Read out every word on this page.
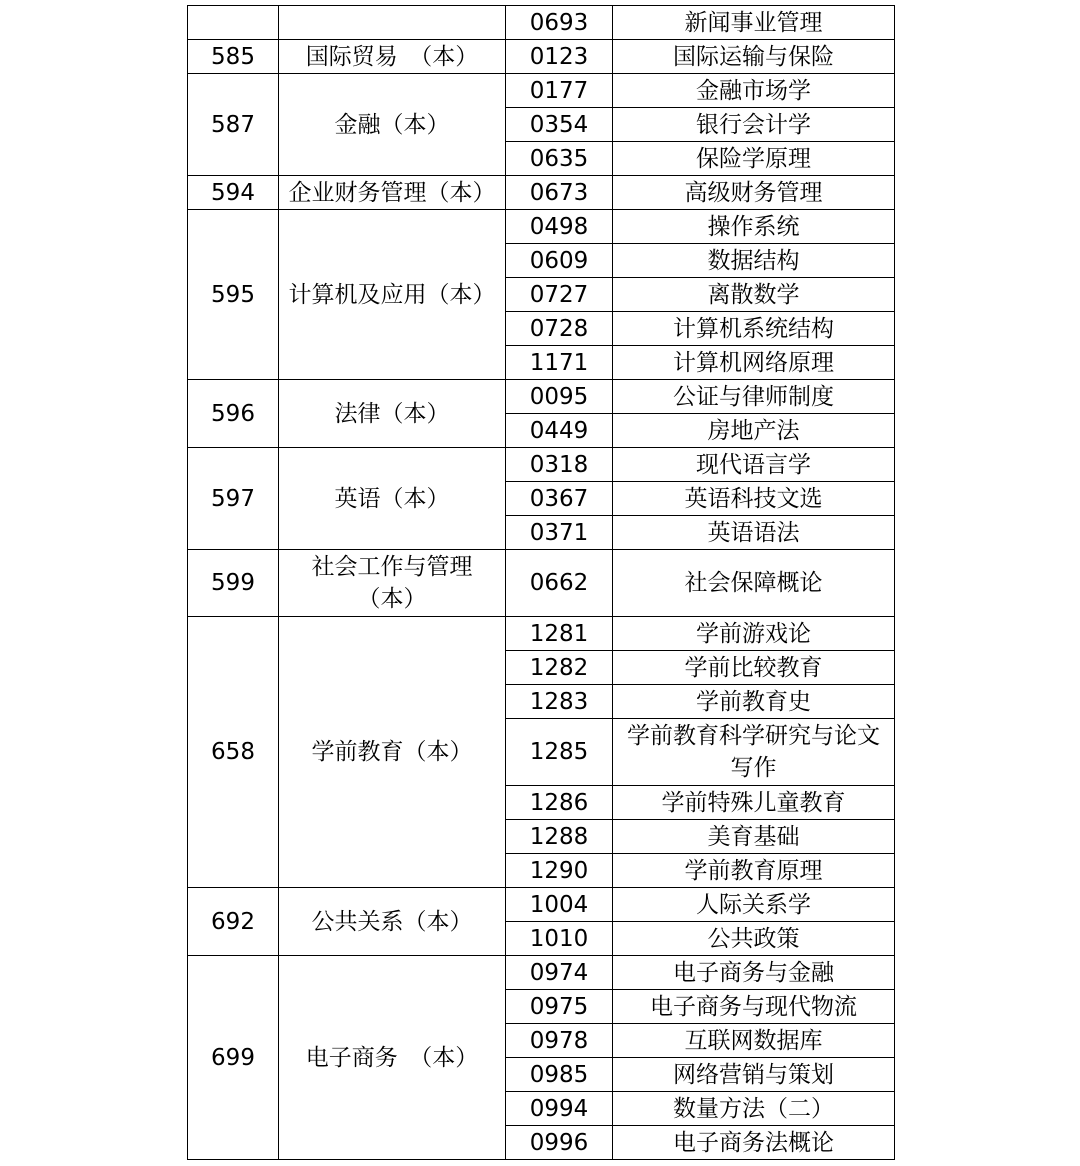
		0693	新闻事业管理
585	国际贸易　（本）	0123	国际运输与保险
587	金融（本）	0177	金融市场学
		0354	银行会计学
		0635	保险学原理
594	企业财务管理（本）	0673	高级财务管理
595	计算机及应用（本）	0498	操作系统
		0609	数据结构
		0727	离散数学
		0728	计算机系统结构
		1171	计算机网络原理
596	法律（本）	0095	公证与律师制度
		0449	房地产法
597	英语（本）	0318	现代语言学
		0367	英语科技文选
		0371	英语语法
599	社会工作与管理（本）	0662	社会保障概论
658	学前教育（本）	1281	学前游戏论
		1282	学前比较教育
		1283	学前教育史
		1285	学前教育科学研究与论文写作
		1286	学前特殊儿童教育
		1288	美育基础
		1290	学前教育原理
692	公共关系（本）	1004	人际关系学
		1010	公共政策
699	电子商务　（本）	0974	电子商务与金融
		0975	电子商务与现代物流
		0978	互联网数据库
		0985	网络营销与策划
		0994	数量方法（二）
		0996	电子商务法概论
